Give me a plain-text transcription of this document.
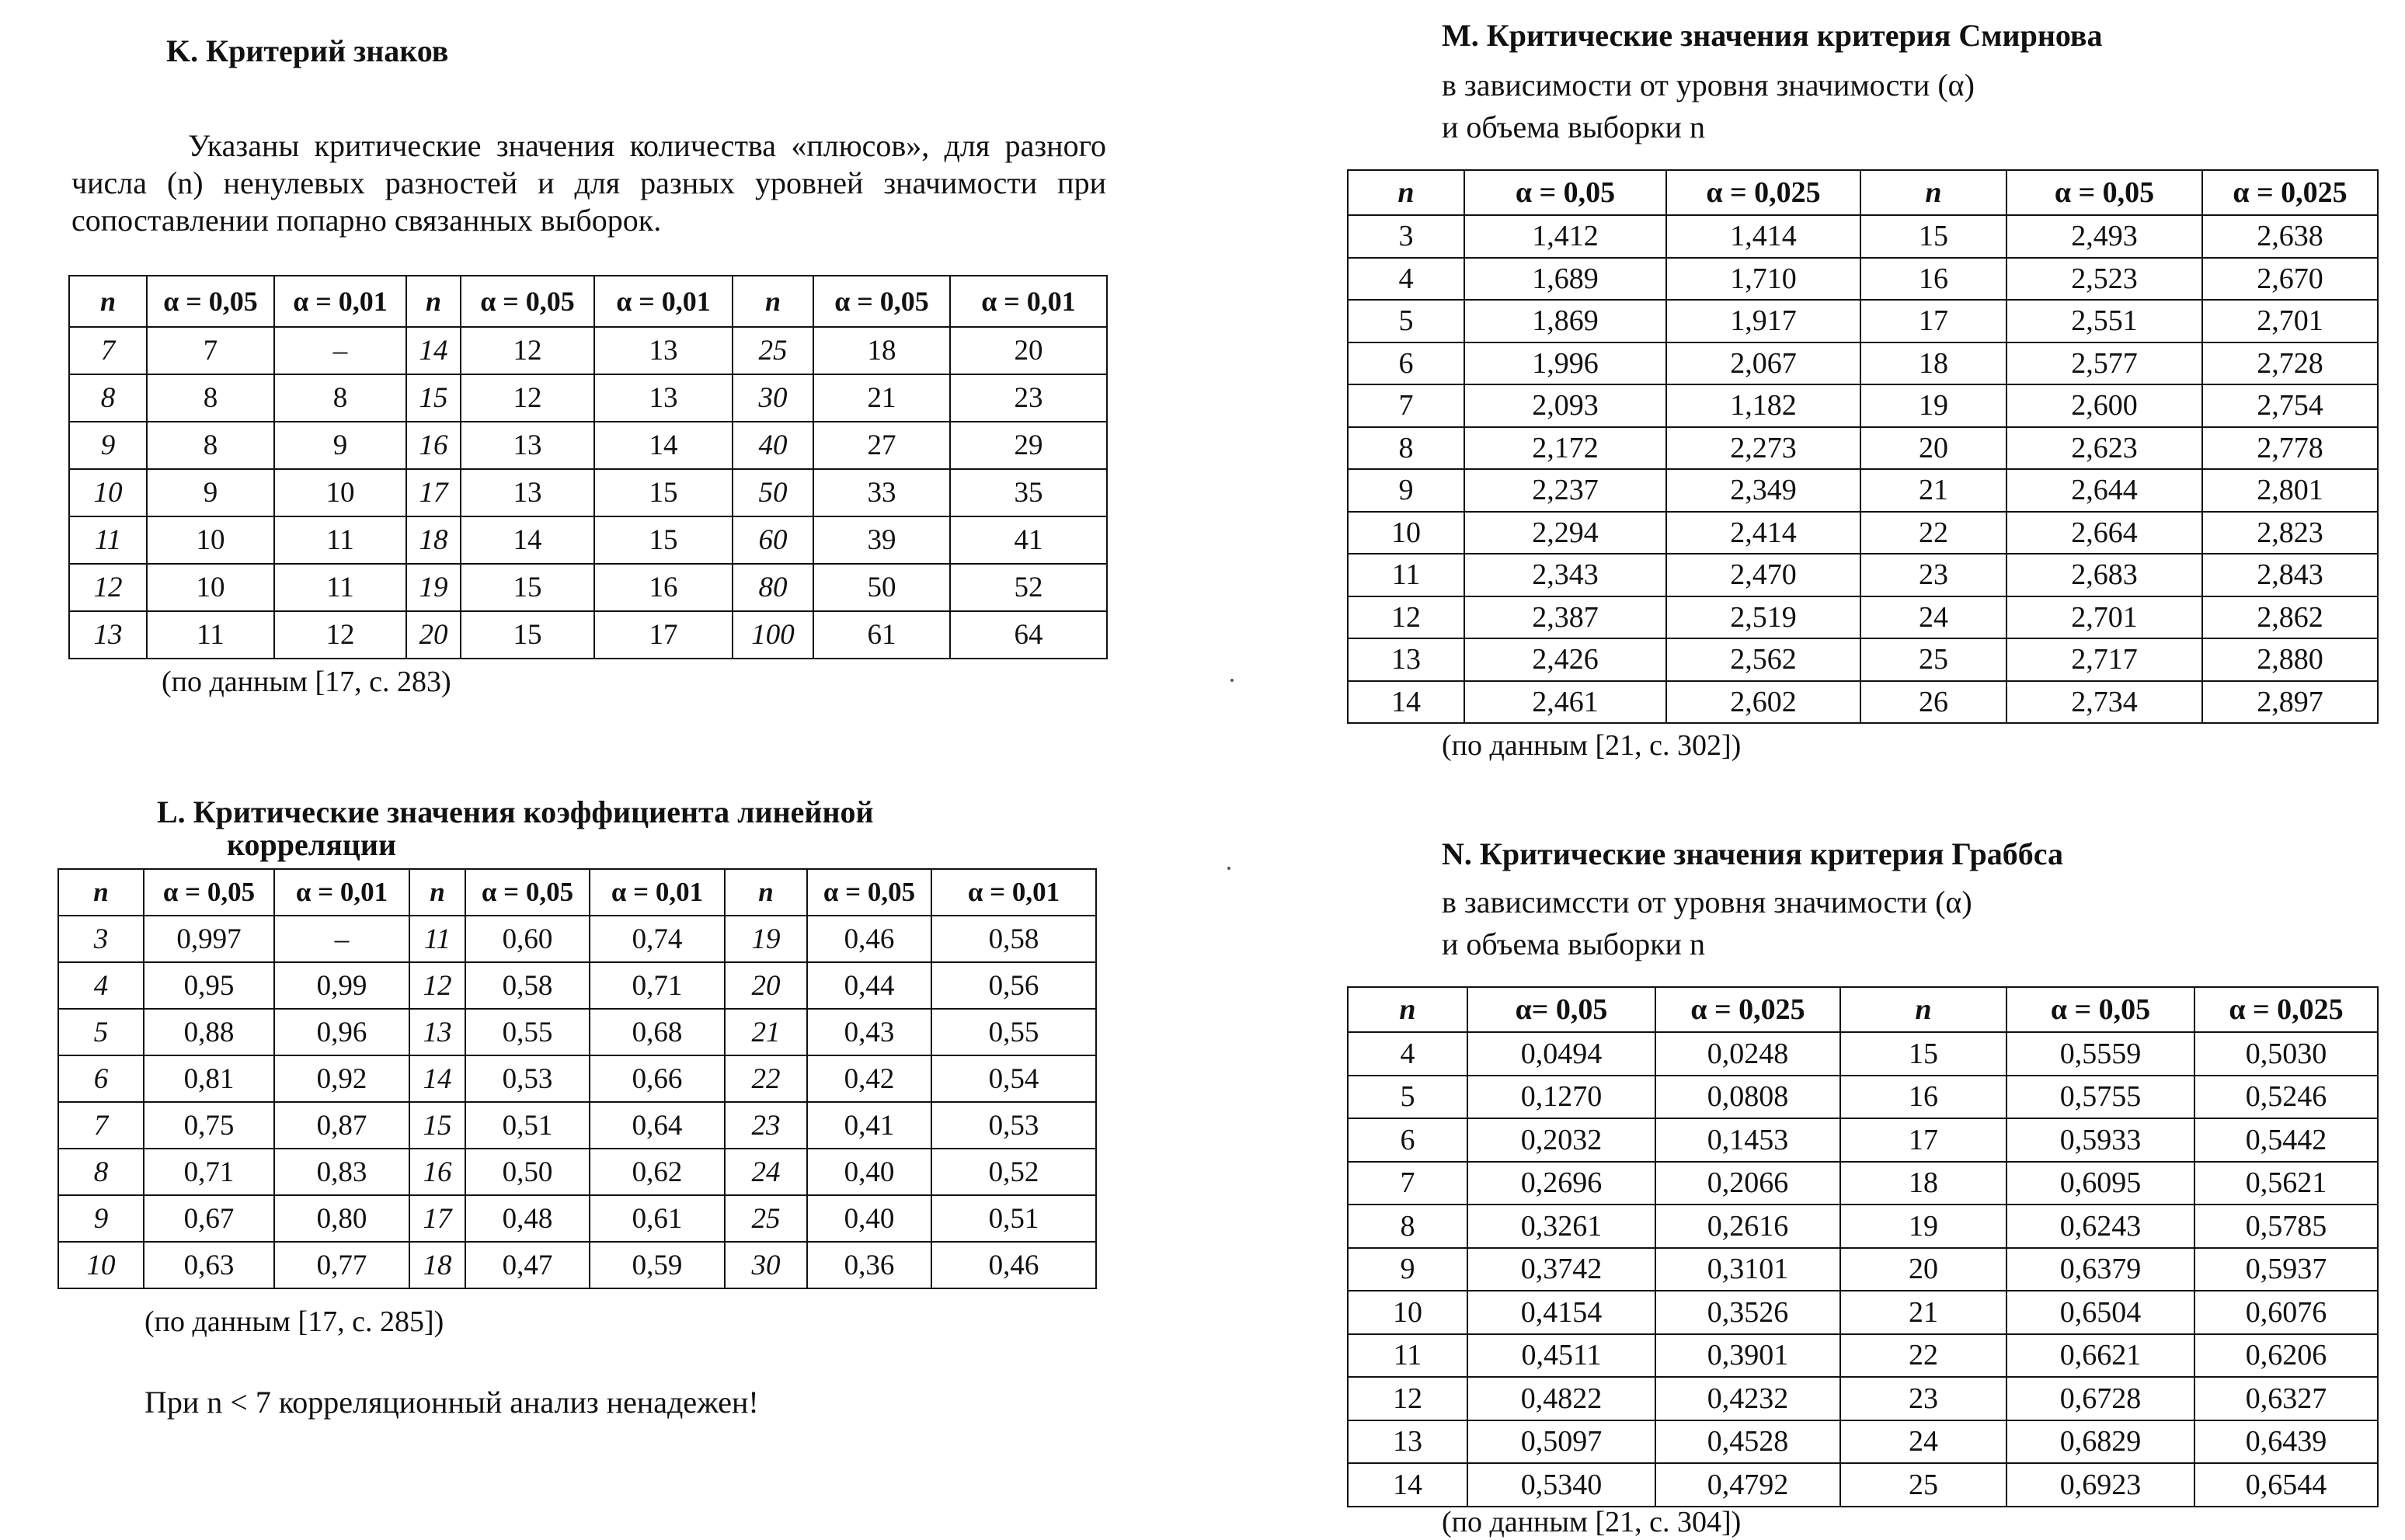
K. Критерий знаков
Указаны критические значения количества «плюсов», для разного числа (n) ненулевых разностей и для разных уровней значимости при сопоставлении попарно связанных выборок.
n	α = 0,05	α = 0,01	n	α = 0,05	α = 0,01	n	α = 0,05	α = 0,01
7	7	–	14	12	13	25	18	20
8	8	8	15	12	13	30	21	23
9	8	9	16	13	14	40	27	29
10	9	10	17	13	15	50	33	35
11	10	11	18	14	15	60	39	41
12	10	11	19	15	16	80	50	52
13	11	12	20	15	17	100	61	64
(по данным [17, с. 283)
L. Критические значения коэффициента линейной
корреляции
n	α = 0,05	α = 0,01	n	α = 0,05	α = 0,01	n	α = 0,05	α = 0,01
3	0,997	–	11	0,60	0,74	19	0,46	0,58
4	0,95	0,99	12	0,58	0,71	20	0,44	0,56
5	0,88	0,96	13	0,55	0,68	21	0,43	0,55
6	0,81	0,92	14	0,53	0,66	22	0,42	0,54
7	0,75	0,87	15	0,51	0,64	23	0,41	0,53
8	0,71	0,83	16	0,50	0,62	24	0,40	0,52
9	0,67	0,80	17	0,48	0,61	25	0,40	0,51
10	0,63	0,77	18	0,47	0,59	30	0,36	0,46
(по данным [17, с. 285])
При n < 7 корреляционный анализ ненадежен!
M. Критические значения критерия Смирнова
в зависимости от уровня значимости (α)
и объема выборки n
n	α = 0,05	α = 0,025	n	α = 0,05	α = 0,025
3	1,412	1,414	15	2,493	2,638
4	1,689	1,710	16	2,523	2,670
5	1,869	1,917	17	2,551	2,701
6	1,996	2,067	18	2,577	2,728
7	2,093	1,182	19	2,600	2,754
8	2,172	2,273	20	2,623	2,778
9	2,237	2,349	21	2,644	2,801
10	2,294	2,414	22	2,664	2,823
11	2,343	2,470	23	2,683	2,843
12	2,387	2,519	24	2,701	2,862
13	2,426	2,562	25	2,717	2,880
14	2,461	2,602	26	2,734	2,897
(по данным [21, с. 302])
N. Критические значения критерия Граббса
в зависимсcти от уровня значимости (α)
и объема выборки n
n	α= 0,05	α = 0,025	n	α = 0,05	α = 0,025
4	0,0494	0,0248	15	0,5559	0,5030
5	0,1270	0,0808	16	0,5755	0,5246
6	0,2032	0,1453	17	0,5933	0,5442
7	0,2696	0,2066	18	0,6095	0,5621
8	0,3261	0,2616	19	0,6243	0,5785
9	0,3742	0,3101	20	0,6379	0,5937
10	0,4154	0,3526	21	0,6504	0,6076
11	0,4511	0,3901	22	0,6621	0,6206
12	0,4822	0,4232	23	0,6728	0,6327
13	0,5097	0,4528	24	0,6829	0,6439
14	0,5340	0,4792	25	0,6923	0,6544
(по данным [21, с. 304])
